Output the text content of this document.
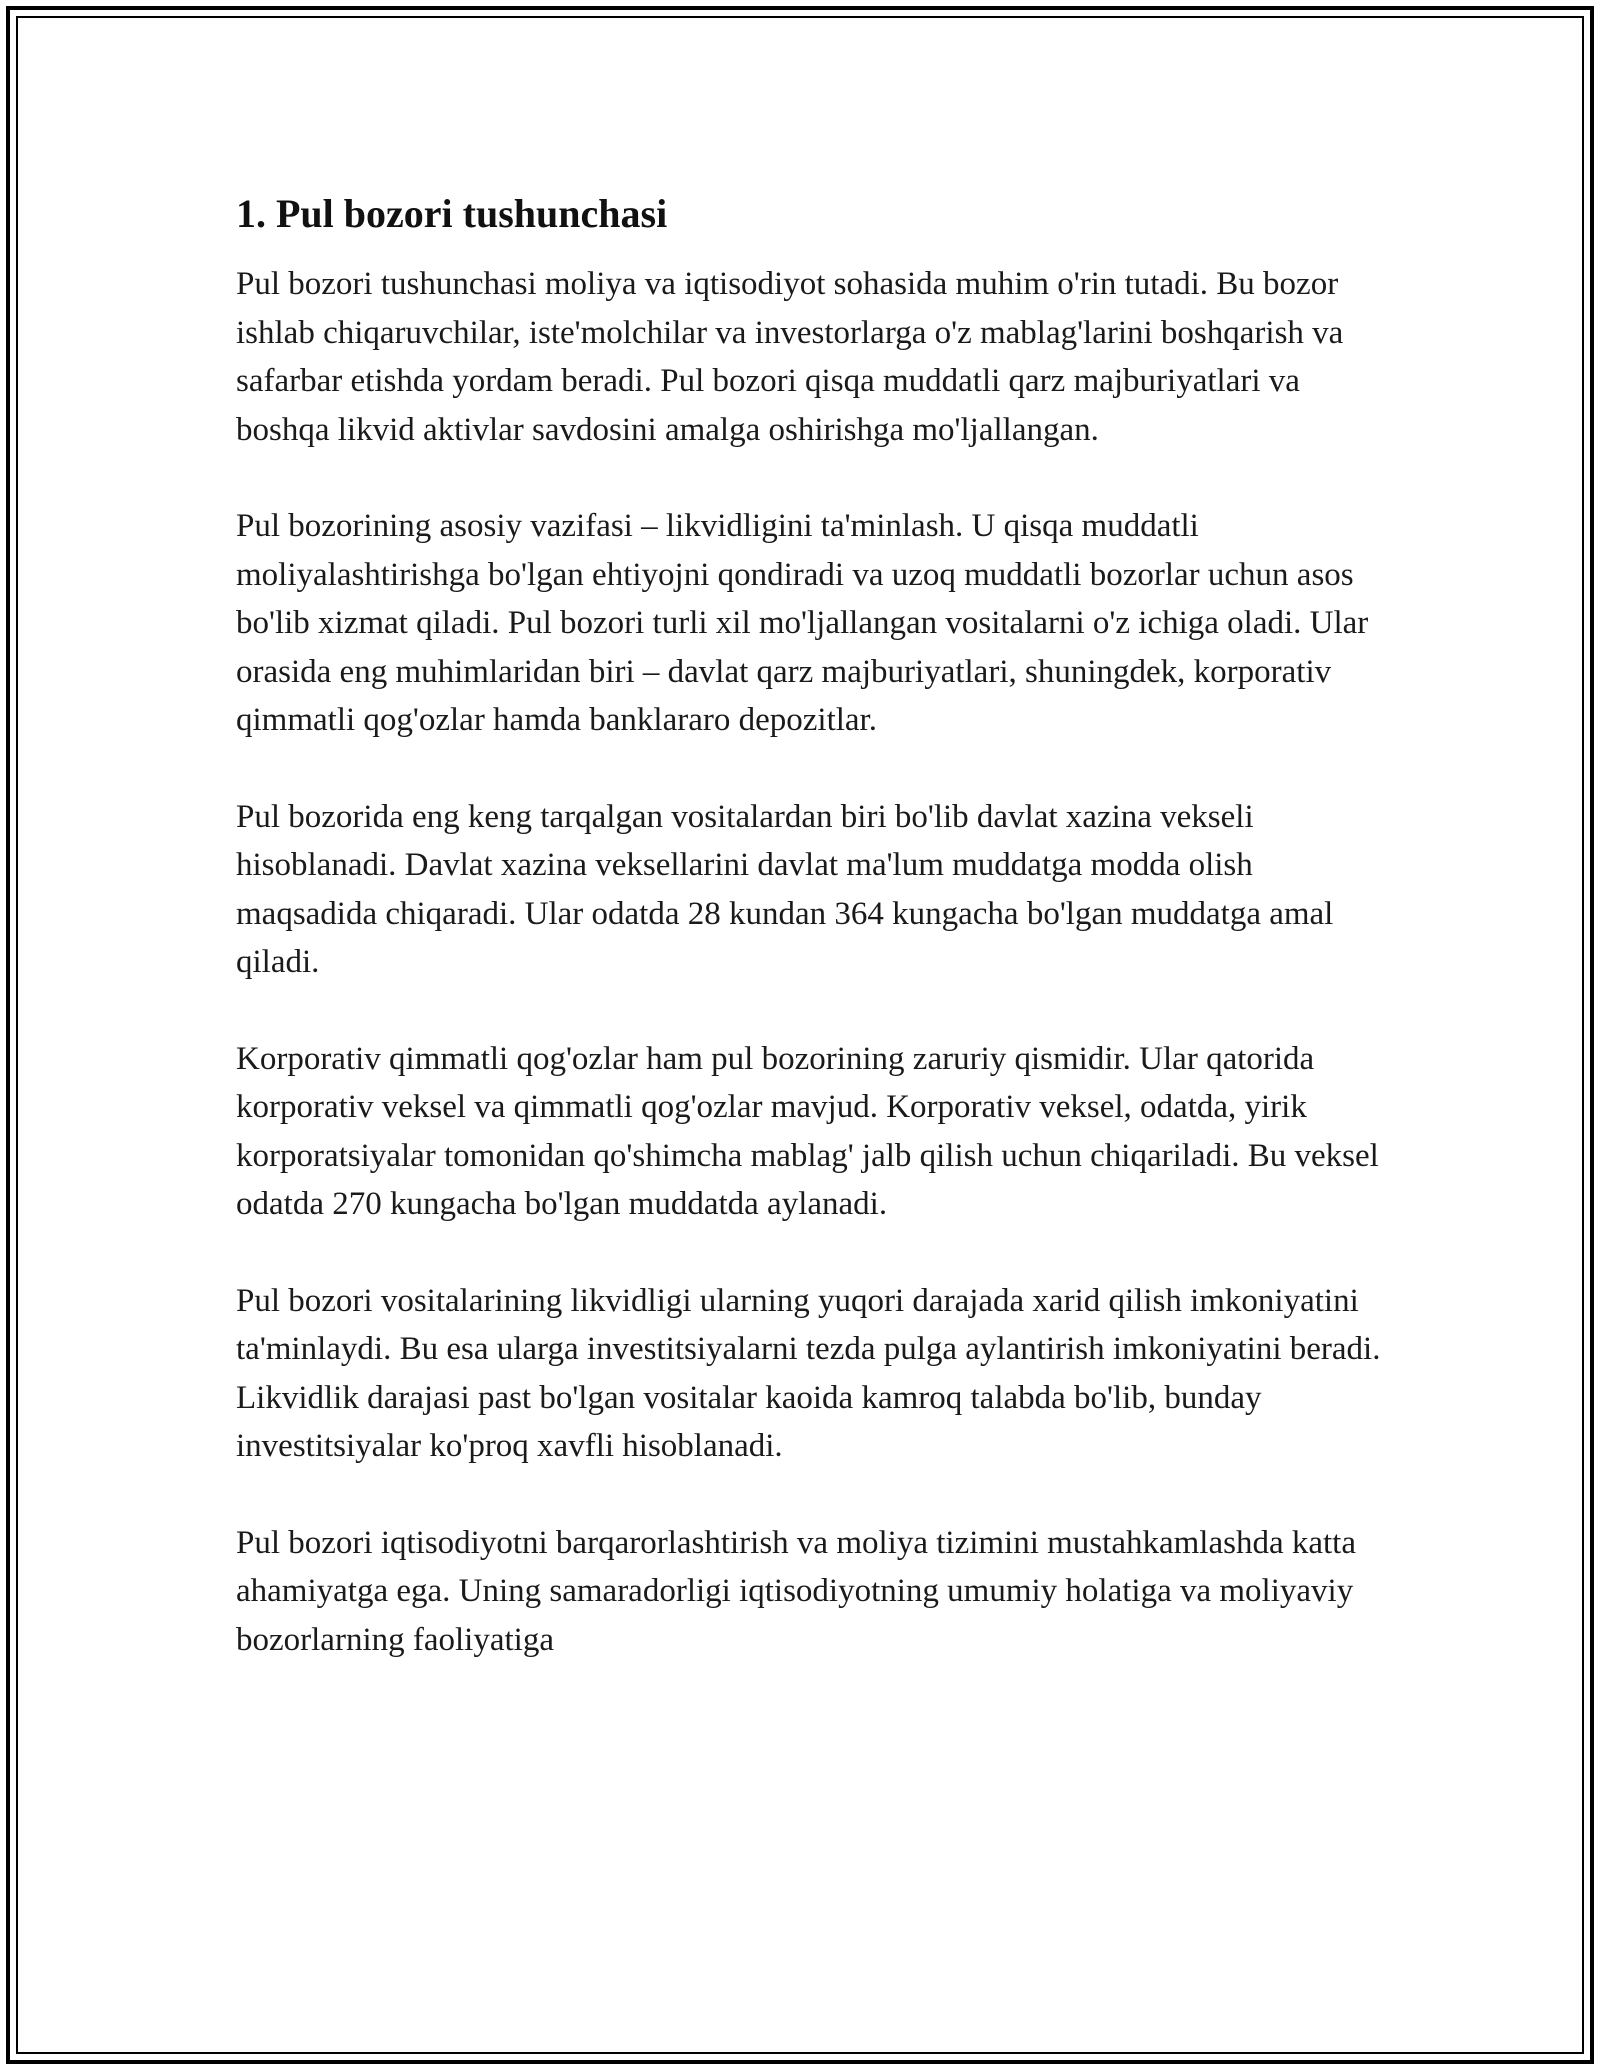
1. Pul bozori tushunchasi

Pul bozori tushunchasi moliya va iqtisodiyot sohasida muhim o'rin tutadi. Bu bozor ishlab chiqaruvchilar, iste'molchilar va investorlarga o'z mablag'larini boshqarish va safarbar etishda yordam beradi. Pul bozori qisqa muddatli qarz majburiyatlari va boshqa likvid aktivlar savdosini amalga oshirishga mo'ljallangan.

Pul bozorining asosiy vazifasi – likvidligini ta'minlash. U qisqa muddatli moliyalashtirishga bo'lgan ehtiyojni qondiradi va uzoq muddatli bozorlar uchun asos bo'lib xizmat qiladi. Pul bozori turli xil mo'ljallangan vositalarni o'z ichiga oladi. Ular orasida eng muhimlaridan biri – davlat qarz majburiyatlari, shuningdek, korporativ qimmatli qog'ozlar hamda banklararo depozitlar.

Pul bozorida eng keng tarqalgan vositalardan biri bo'lib davlat xazina vekseli hisoblanadi. Davlat xazina veksellarini davlat ma'lum muddatga modda olish maqsadida chiqaradi. Ular odatda 28 kundan 364 kungacha bo'lgan muddatga amal qiladi.

Korporativ qimmatli qog'ozlar ham pul bozorining zaruriy qismidir. Ular qatorida korporativ veksel va qimmatli qog'ozlar mavjud. Korporativ veksel, odatda, yirik korporatsiyalar tomonidan qo'shimcha mablag' jalb qilish uchun chiqariladi. Bu veksel odatda 270 kungacha bo'lgan muddatda aylanadi.

Pul bozori vositalarining likvidligi ularning yuqori darajada xarid qilish imkoniyatini ta'minlaydi. Bu esa ularga investitsiyalarni tezda pulga aylantirish imkoniyatini beradi. Likvidlik darajasi past bo'lgan vositalar kaoida kamroq talabda bo'lib, bunday investitsiyalar ko'proq xavfli hisoblanadi.

Pul bozori iqtisodiyotni barqarorlashtirish va moliya tizimini mustahkamlashda katta ahamiyatga ega. Uning samaradorligi iqtisodiyotning umumiy holatiga va moliyaviy bozorlarning faoliyatiga
